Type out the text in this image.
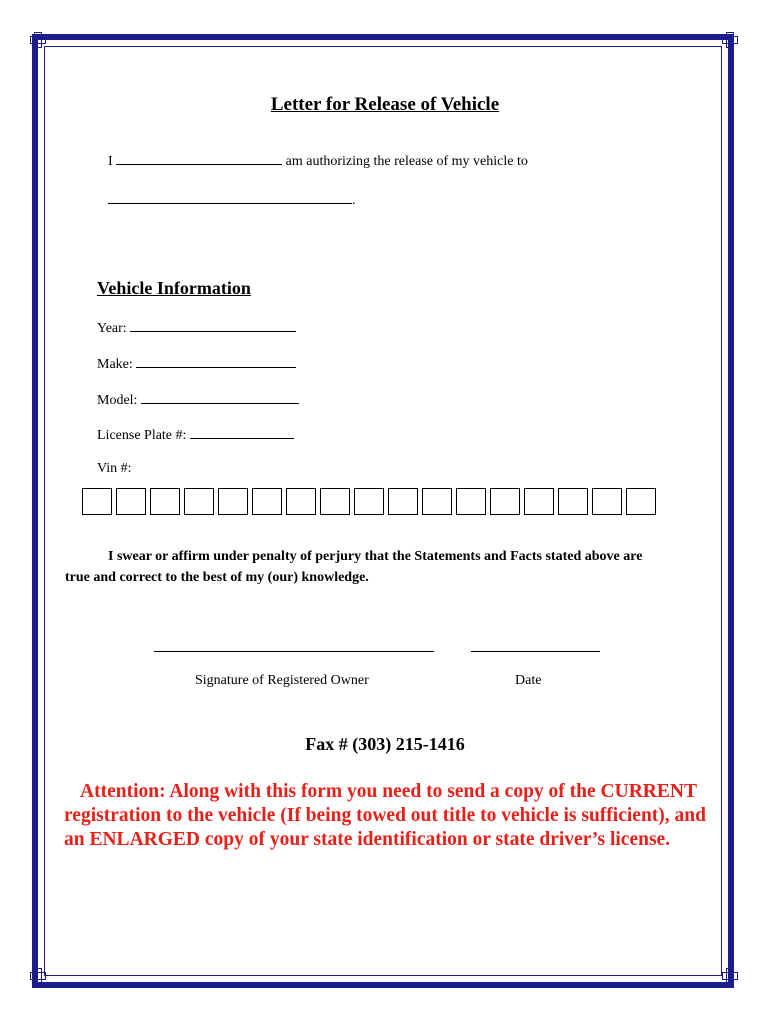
Letter for Release of Vehicle
I	am authorizing the release of my vehicle to
.
Vehicle Information
Year:
Make:
Model:
License Plate #:
Vin #:
I swear or affirm under penalty of perjury that the Statements and Facts stated above are
true and correct to the best of my (our) knowledge.
Signature of Registered Owner	Date
Fax # (303) 215-1416
Attention: Along with this form you need to send a copy of the CURRENT registration to the vehicle (If being towed out title to vehicle is sufficient), and an ENLARGED copy of your state identification or state driver’s license.
